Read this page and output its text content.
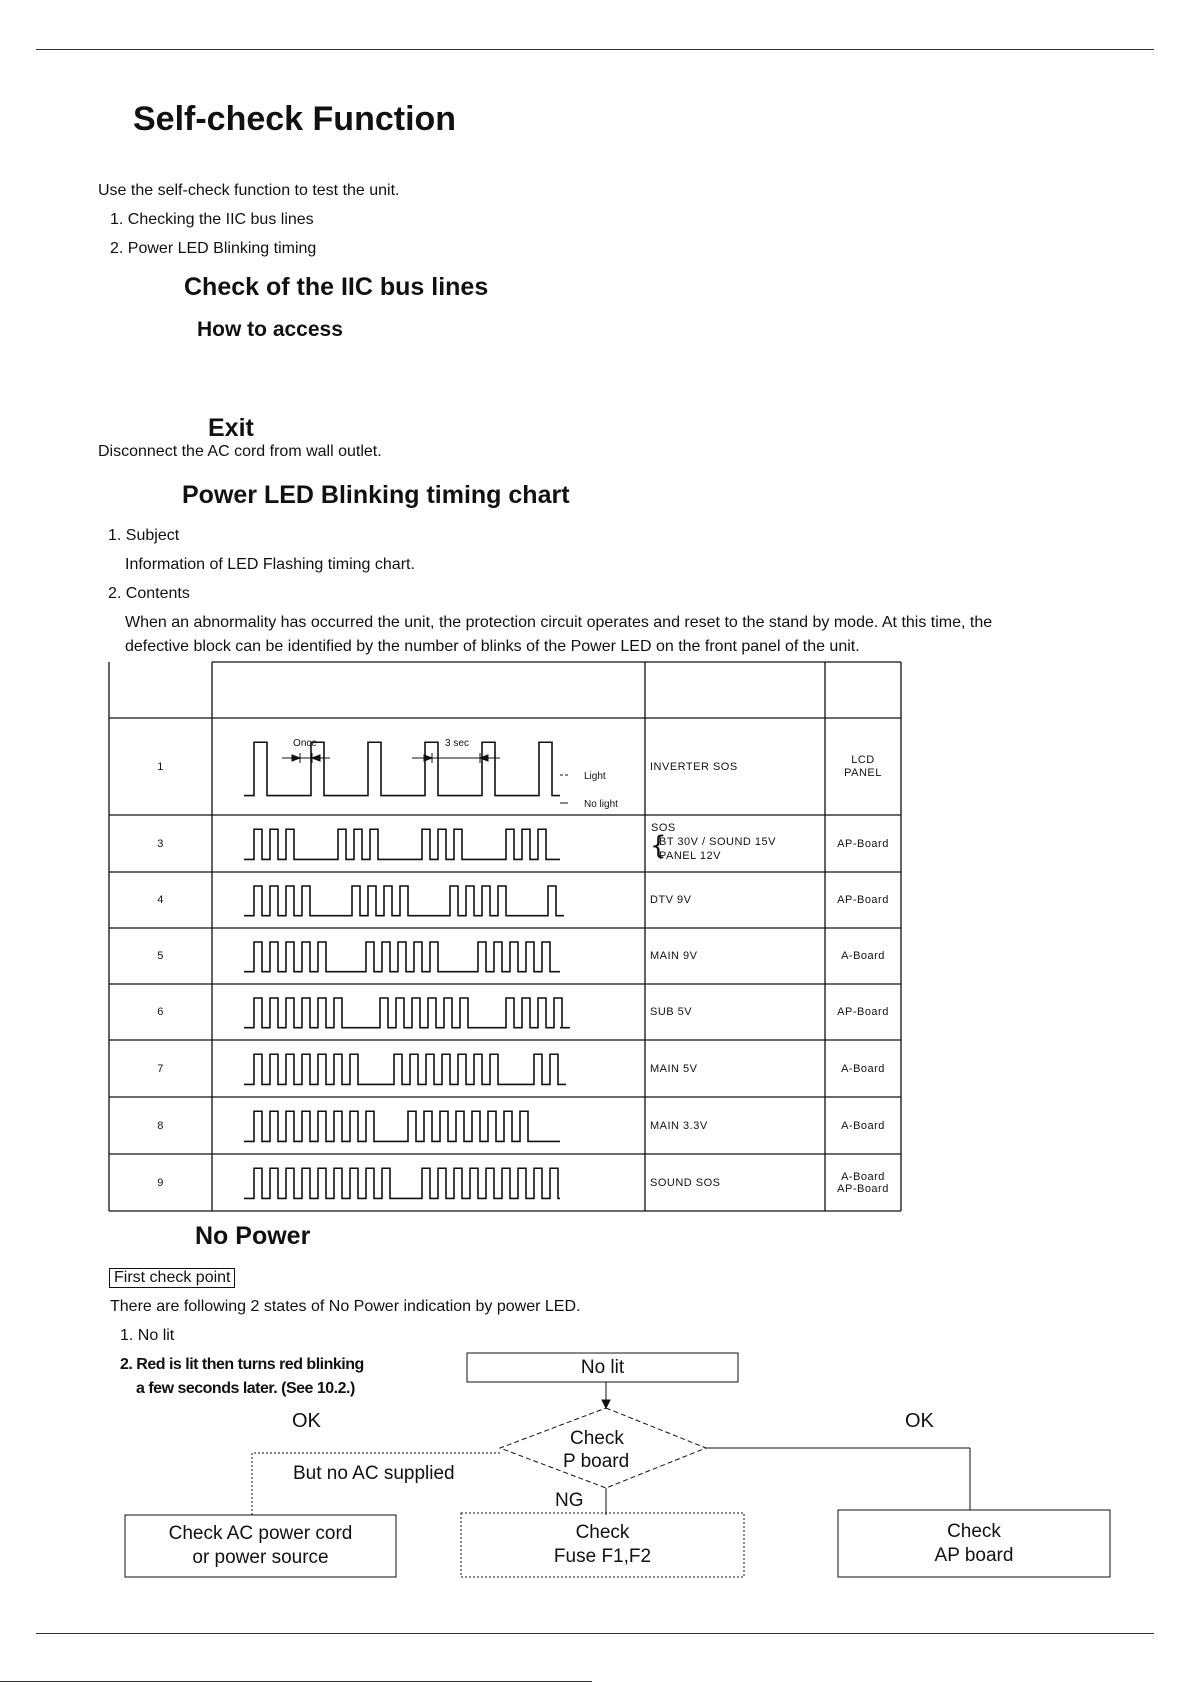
Self-check Function
Use the self-check function to test the unit.
1. Checking the IIC bus lines
2. Power LED Blinking timing
Check of the IIC bus lines
How to access
Exit
Disconnect the AC cord from wall outlet.
Power LED Blinking timing chart
1. Subject
Information of LED Flashing timing chart.
2. Contents
When an abnormality has occurred the unit, the protection circuit operates and reset to the stand by mode. At this time, the
defective block can be identified by the number of blinks of the Power LED on the front panel of the unit.
Once	3 sec
Light
No light
1
3
4
5
6
7
8
9
INVERTER SOS
SOS
BT 30V / SOUND 15V
PANEL 12V
{
DTV 9V
MAIN 9V
SUB 5V
MAIN 5V
MAIN 3.3V
SOUND SOS
LCD
PANEL
AP-Board
AP-Board
A-Board
AP-Board
A-Board
A-Board
A-Board
AP-Board
No Power
First check point
There are following 2 states of No Power indication by power LED.
1. No lit
2. Red is lit then turns red blinking
a few seconds later. (See 10.2.)
No lit
OK	OK
Check
P board
But no AC supplied
NG
Check AC power cord
or power source
Check
Fuse F1,F2
Check
AP board
